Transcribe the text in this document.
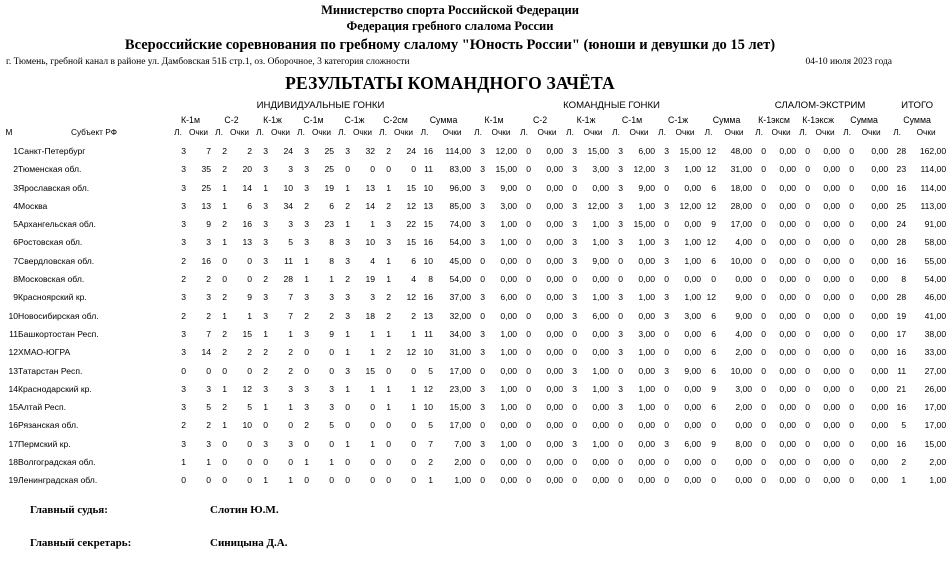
Министерство спорта Российской Федерации
Федерация гребного слалома России
Всероссийские соревнования по гребному слалому "Юность России" (юноши и девушки до 15 лет)
г. Тюмень, гребной канал в районе ул. Дамбовская 51Б стр.1, оз. Оборочное, 3 категория сложности	04-10 июля 2023 года
РЕЗУЛЬТАТЫ КОМАНДНОГО ЗАЧЁТА
		ИНДИВИДУАЛЬНЫЕ ГОНКИ														КОМАНДНЫЕ ГОНКИ												СЛАЛОМ-ЭКСТРИМ						ИТОГО	
		К-1м		С-2		К-1ж		С-1м		С-1ж		С-2см		Сумма		К-1м		С-2		К-1ж		С-1м		С-1ж		Сумма		К-1эксм		К-1эксж		Сумма		Сумма	
М	Субъект РФ	Л.	Очки	Л.	Очки	Л.	Очки	Л.	Очки	Л.	Очки	Л.	Очки	Л.	Очки	Л.	Очки	Л.	Очки	Л.	Очки	Л.	Очки	Л.	Очки	Л.	Очки	Л.	Очки	Л.	Очки	Л.	Очки	Л.	Очки
1	Санкт-Петербург	3	7	2	2	3	24	3	25	3	32	2	24	16	114,00	3	12,00	0	0,00	3	15,00	3	6,00	3	15,00	12	48,00	0	0,00	0	0,00	0	0,00	28	162,00
2	Тюменская обл.	3	35	2	20	3	3	3	25	0	0	0	0	11	83,00	3	15,00	0	0,00	3	3,00	3	12,00	3	1,00	12	31,00	0	0,00	0	0,00	0	0,00	23	114,00
3	Ярославская обл.	3	25	1	14	1	10	3	19	1	13	1	15	10	96,00	3	9,00	0	0,00	0	0,00	3	9,00	0	0,00	6	18,00	0	0,00	0	0,00	0	0,00	16	114,00
4	Москва	3	13	1	6	3	34	2	6	2	14	2	12	13	85,00	3	3,00	0	0,00	3	12,00	3	1,00	3	12,00	12	28,00	0	0,00	0	0,00	0	0,00	25	113,00
5	Архангельская обл.	3	9	2	16	3	3	3	23	1	1	3	22	15	74,00	3	1,00	0	0,00	3	1,00	3	15,00	0	0,00	9	17,00	0	0,00	0	0,00	0	0,00	24	91,00
6	Ростовская обл.	3	3	1	13	3	5	3	8	3	10	3	15	16	54,00	3	1,00	0	0,00	3	1,00	3	1,00	3	1,00	12	4,00	0	0,00	0	0,00	0	0,00	28	58,00
7	Свердловская обл.	2	16	0	0	3	11	1	8	3	4	1	6	10	45,00	0	0,00	0	0,00	3	9,00	0	0,00	3	1,00	6	10,00	0	0,00	0	0,00	0	0,00	16	55,00
8	Московская обл.	2	2	0	0	2	28	1	1	2	19	1	4	8	54,00	0	0,00	0	0,00	0	0,00	0	0,00	0	0,00	0	0,00	0	0,00	0	0,00	0	0,00	8	54,00
9	Красноярский кр.	3	3	2	9	3	7	3	3	3	3	2	12	16	37,00	3	6,00	0	0,00	3	1,00	3	1,00	3	1,00	12	9,00	0	0,00	0	0,00	0	0,00	28	46,00
10	Новосибирская обл.	2	2	1	1	3	7	2	2	3	18	2	2	13	32,00	0	0,00	0	0,00	3	6,00	0	0,00	3	3,00	6	9,00	0	0,00	0	0,00	0	0,00	19	41,00
11	Башкортостан Респ.	3	7	2	15	1	1	3	9	1	1	1	1	11	34,00	3	1,00	0	0,00	0	0,00	3	3,00	0	0,00	6	4,00	0	0,00	0	0,00	0	0,00	17	38,00
12	ХМАО-ЮГРА	3	14	2	2	2	2	0	0	1	1	2	12	10	31,00	3	1,00	0	0,00	0	0,00	3	1,00	0	0,00	6	2,00	0	0,00	0	0,00	0	0,00	16	33,00
13	Татарстан Респ.	0	0	0	0	2	2	0	0	3	15	0	0	5	17,00	0	0,00	0	0,00	3	1,00	0	0,00	3	9,00	6	10,00	0	0,00	0	0,00	0	0,00	11	27,00
14	Краснодарский кр.	3	3	1	12	3	3	3	3	1	1	1	1	12	23,00	3	1,00	0	0,00	3	1,00	3	1,00	0	0,00	9	3,00	0	0,00	0	0,00	0	0,00	21	26,00
15	Алтай Респ.	3	5	2	5	1	1	3	3	0	0	1	1	10	15,00	3	1,00	0	0,00	0	0,00	3	1,00	0	0,00	6	2,00	0	0,00	0	0,00	0	0,00	16	17,00
16	Рязанская обл.	2	2	1	10	0	0	2	5	0	0	0	0	5	17,00	0	0,00	0	0,00	0	0,00	0	0,00	0	0,00	0	0,00	0	0,00	0	0,00	0	0,00	5	17,00
17	Пермский кр.	3	3	0	0	3	3	0	0	1	1	0	0	7	7,00	3	1,00	0	0,00	3	1,00	0	0,00	3	6,00	9	8,00	0	0,00	0	0,00	0	0,00	16	15,00
18	Волгоградская обл.	1	1	0	0	0	0	1	1	0	0	0	0	2	2,00	0	0,00	0	0,00	0	0,00	0	0,00	0	0,00	0	0,00	0	0,00	0	0,00	0	0,00	2	2,00
19	Ленинградская обл.	0	0	0	0	1	1	0	0	0	0	0	0	1	1,00	0	0,00	0	0,00	0	0,00	0	0,00	0	0,00	0	0,00	0	0,00	0	0,00	0	0,00	1	1,00
Главный судья:	Слотин Ю.М.
Главный секретарь:	Синицына Д.А.
